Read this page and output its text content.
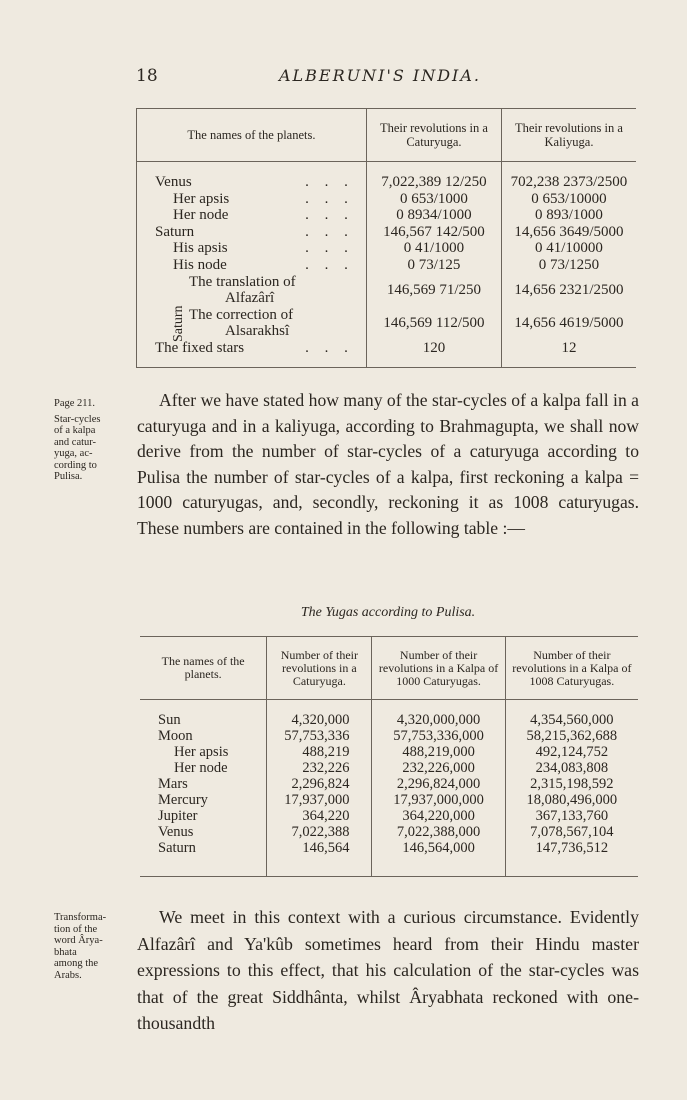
18	ALBERUNI'S INDIA.
The names of the planets.	Their revolutions in a Caturyuga.	Their revolutions in a Kaliyuga.

Venus . . .	7,022,389 12/250	702,238 2373/2500

Her apsis . . .	0 653/1000	0 653/10000

Her node . . .	0 8934/1000	0 893/1000

Saturn . . .	146,567 142/500	14,656 3649/5000

His apsis . . .	0 41/1000	0 41/10000

His node . . .	0 73/125	0 73/1250

Saturn
The translation of
Alfazârî	146,569 71/250	14,656 2321/2500

The correction of
Alsarakhsî	146,569 112/500	14,656 4619/5000

The fixed stars . . .	120	12
Page 211.
Star-cycles
of a kalpa
and catur-
yuga, ac-
cording to
Pulisa.
After we have stated how many of the star-cycles of a kalpa fall in a caturyuga and in a kaliyuga, according to Brahmagupta, we shall now derive from the number of star-cycles of a caturyuga according to Pulisa the number of star-cycles of a kalpa, first reckoning a kalpa = 1000 caturyugas, and, secondly, reckoning it as 1008 caturyugas. These numbers are contained in the following table :—
The Yugas according to Pulisa.
The names of the planets.	Number of their revolutions in a Caturyuga.	Number of their revolutions in a Kalpa of 1000 Caturyugas.	Number of their revolutions in a Kalpa of 1008 Caturyugas.

Sun	4,320,000	4,320,000,000	4,354,560,000
Moon	57,753,336	57,753,336,000	58,215,362,688
Her apsis	488,219	488,219,000	492,124,752
Her node	232,226	232,226,000	234,083,808
Mars	2,296,824	2,296,824,000	2,315,198,592
Mercury	17,937,000	17,937,000,000	18,080,496,000
Jupiter	364,220	364,220,000	367,133,760
Venus	7,022,388	7,022,388,000	7,078,567,104
Saturn	146,564	146,564,000	147,736,512
Transforma-
tion of the
word Ârya-
bhata
among the
Arabs.
We meet in this context with a curious circumstance. Evidently Alfazârî and Ya'kûb sometimes heard from their Hindu master expressions to this effect, that his calculation of the star-cycles was that of the great Siddhânta, whilst Âryabhata reckoned with one-thousandth
